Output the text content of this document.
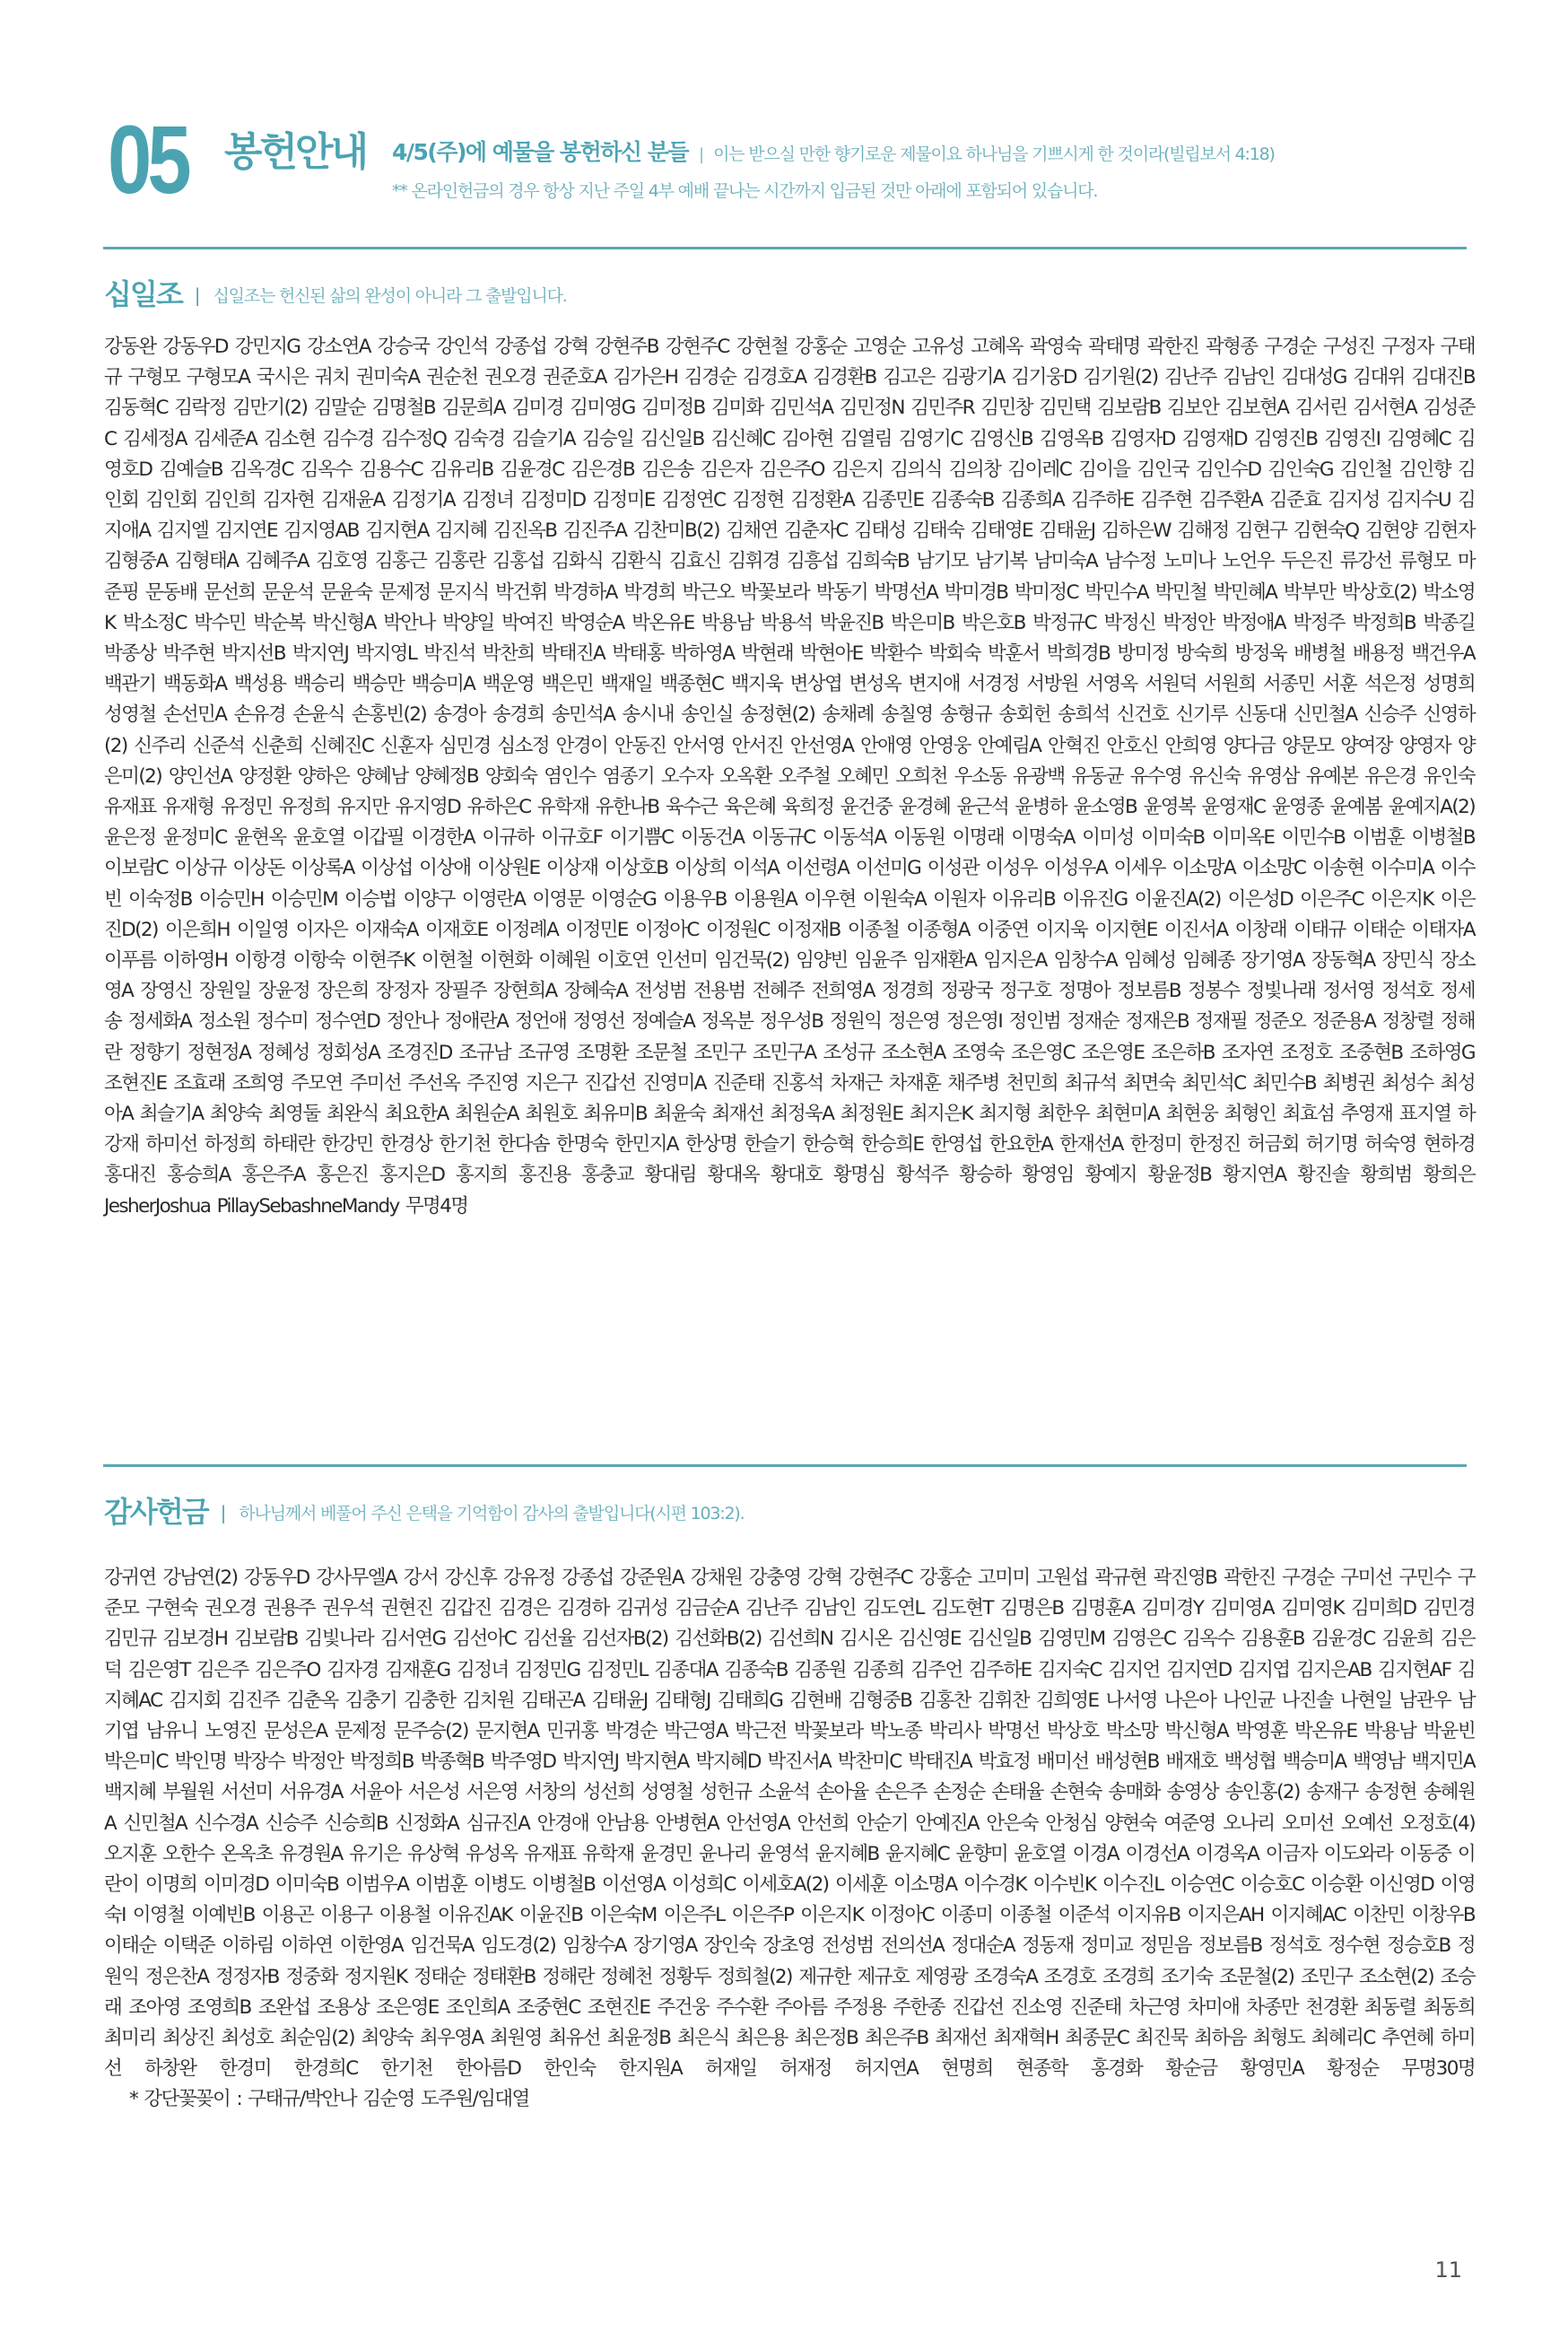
05 봉헌안내 4/5(주)에 예물을 봉헌하신 분들 | 이는 받으실 만한 향기로운 제물이요 하나님을 기쁘시게 한 것이라(빌립보서 4:18)
** 온라인헌금의 경우 항상 지난 주일 4부 예배 끝나는 시간까지 입금된 것만 아래에 포함되어 있습니다.
십일조 | 십일조는 헌신된 삶의 완성이 아니라 그 출발입니다.
강동완 강동우D 강민지G 강소연A 강승국 강인석 강종섭 강혁 강현주B 강현주C 강현철 강홍순 고영순 고유성 고혜옥 곽영숙 곽태명 곽한진 곽형종 구경순 구성진 구정자 구태규 구형모 구형모A 국시은 궈치 권미숙A 권순천 권오경 권준호A 김가은H 김경순 김경호A 김경환B 김고은 김광기A 김기웅D 김기원(2) 김난주 김남인 김대성G 김대위 김대진B 김동혁C 김락정 김만기(2) 김말순 김명철B 김문희A 김미경 김미영G 김미정B 김미화 김민석A 김민정N 김민주R 김민창 김민택 김보람B 김보안 김보현A 김서린 김서현A 김성준C 김세정A 김세준A 김소현 김수경 김수정Q 김숙경 김슬기A 김승일 김신일B 김신혜C 김아현 김열림 김영기C 김영신B 김영옥B 김영자D 김영재D 김영진B 김영진I 김영혜C 김영호D 김예슬B 김옥경C 김옥수 김용수C 김유리B 김윤경C 김은경B 김은송 김은자 김은주O 김은지 김의식 김의창 김이레C 김이을 김인국 김인수D 김인숙G 김인철 김인향 김인회 김인회 김인희 김자현 김재윤A 김정기A 김정녀 김정미D 김정미E 김정연C 김정현 김정환A 김종민E 김종숙B 김종희A 김주하E 김주현 김주환A 김준효 김지성 김지수U 김지애A 김지엘 김지연E 김지영AB 김지현A 김지혜 김진옥B 김진주A 김찬미B(2) 김채연 김춘자C 김태성 김태숙 김태영E 김태윤J 김하은W 김해정 김현구 김현숙Q 김현양 김현자 김형중A 김형태A 김혜주A 김호영 김홍근 김홍란 김홍섭 김화식 김환식 김효신 김휘경 김흥섭 김희숙B 남기모 남기복 남미숙A 남수정 노미나 노언우 두은진 류강선 류형모 마준핑 문동배 문선희 문운석 문윤숙 문제정 문지식 박건휘 박경하A 박경희 박근오 박꽃보라 박동기 박명선A 박미경B 박미정C 박민수A 박민철 박민혜A 박부만 박상호(2) 박소영K 박소정C 박수민 박순복 박신형A 박안나 박양일 박여진 박영순A 박온유E 박용남 박용석 박윤진B 박은미B 박은호B 박정규C 박정신 박정안 박정애A 박정주 박정희B 박종길 박종상 박주현 박지선B 박지연J 박지영L 박진석 박찬희 박태진A 박태홍 박하영A 박현래 박현아E 박환수 박회숙 박훈서 박희경B 방미정 방숙희 방정욱 배병철 배용정 백건우A 백관기 백동화A 백성용 백승리 백승만 백승미A 백운영 백은민 백재일 백종현C 백지욱 변상엽 변성옥 변지애 서경정 서방원 서영옥 서원덕 서원희 서종민 서훈 석은정 성명희 성영철 손선민A 손유경 손윤식 손홍빈(2) 송경아 송경희 송민석A 송시내 송인실 송정현(2) 송채례 송칠영 송형규 송회헌 송희석 신건호 신기루 신동대 신민철A 신승주 신영하(2) 신주리 신준석 신춘희 신혜진C 신훈자 심민경 심소정 안경이 안동진 안서영 안서진 안선영A 안애영 안영웅 안예림A 안혁진 안호신 안희영 양다금 양문모 양여장 양영자 양은미(2) 양인선A 양정환 양하은 양혜남 양혜정B 양회숙 염인수 염종기 오수자 오옥환 오주철 오혜민 오희천 우소동 유광백 유동균 유수영 유신숙 유영삼 유예본 유은경 유인숙 유재표 유재형 유정민 유정희 유지만 유지영D 유하은C 유학재 유한나B 육수근 육은혜 육희정 윤건중 윤경혜 윤근석 윤병하 윤소영B 윤영복 윤영재C 윤영종 윤예봄 윤예지A(2) 윤은정 윤정미C 윤현옥 윤호열 이갑필 이경한A 이규하 이규호F 이기쁨C 이동건A 이동규C 이동석A 이동원 이명래 이명숙A 이미성 이미숙B 이미옥E 이민수B 이범훈 이병철B 이보람C 이상규 이상돈 이상록A 이상섭 이상애 이상원E 이상재 이상호B 이상희 이석A 이선령A 이선미G 이성관 이성우 이성우A 이세우 이소망A 이소망C 이송현 이수미A 이수빈 이숙정B 이승민H 이승민M 이승법 이양구 이영란A 이영문 이영순G 이용우B 이용원A 이우현 이원숙A 이원자 이유리B 이유진G 이윤진A(2) 이은성D 이은주C 이은지K 이은진D(2) 이은희H 이일영 이자은 이재숙A 이재호E 이정례A 이정민E 이정아C 이정원C 이정재B 이종철 이종형A 이중연 이지욱 이지현E 이진서A 이창래 이태규 이태순 이태자A 이푸름 이하영H 이항경 이항숙 이현주K 이현철 이현화 이혜원 이호연 인선미 임건묵(2) 임양빈 임윤주 임재환A 임지은A 임창수A 임혜성 임혜종 장기영A 장동혁A 장민식 장소영A 장영신 장원일 장윤정 장은희 장정자 장필주 장현희A 장혜숙A 전성범 전용범 전혜주 전희영A 정경희 정광국 정구호 정명아 정보름B 정봉수 정빛나래 정서영 정석호 정세송 정세화A 정소원 정수미 정수연D 정안나 정애란A 정언애 정영선 정예슬A 정옥분 정우성B 정원익 정은영 정은영I 정인범 정재순 정재은B 정재필 정준오 정준용A 정창렬 정해란 정향기 정현정A 정혜성 정회성A 조경진D 조규남 조규영 조명환 조문철 조민구 조민구A 조성규 조소현A 조영숙 조은영C 조은영E 조은하B 조자연 조정호 조중현B 조하영G 조현진E 조효래 조희영 주모연 주미선 주선옥 주진영 지은구 진갑선 진영미A 진준태 진홍석 차재근 차재훈 채주병 천민희 최규석 최면숙 최민석C 최민수B 최병권 최성수 최성아A 최슬기A 최양숙 최영둘 최완식 최요한A 최원순A 최원호 최유미B 최윤숙 최재선 최정욱A 최정원E 최지은K 최지형 최한우 최현미A 최현웅 최형인 최효섬 추영재 표지열 하강재 하미선 하정희 하태란 한강민 한경상 한기천 한다솜 한명숙 한민지A 한상명 한슬기 한승혁 한승희E 한영섭 한요한A 한재선A 한정미 한정진 허금회 허기명 허숙영 현하경 홍대진 홍승희A 홍은주A 홍은진 홍지은D 홍지희 홍진용 홍충교 황대림 황대옥 황대호 황명심 황석주 황승하 황영임 황예지 황윤정B 황지연A 황진솔 황희범 황희은 JesherJoshua PillaySebashneMandy 무명4명
감사헌금 | 하나님께서 베풀어 주신 은택을 기억함이 감사의 출발입니다(시편 103:2).
강귀연 강남연(2) 강동우D 강사무엘A 강서 강신후 강유정 강종섭 강준원A 강채원 강충영 강혁 강현주C 강홍순 고미미 고원섭 곽규현 곽진영B 곽한진 구경순 구미선 구민수 구준모 구현숙 권오경 권용주 권우석 권현진 김갑진 김경은 김경하 김귀성 김금순A 김난주 김남인 김도연L 김도현T 김명은B 김명훈A 김미경Y 김미영A 김미영K 김미희D 김민경 김민규 김보경H 김보람B 김빛나라 김서연G 김선아C 김선율 김선자B(2) 김선화B(2) 김선희N 김시온 김신영E 김신일B 김영민M 김영은C 김옥수 김용훈B 김윤경C 김윤희 김은덕 김은영T 김은주 김은주O 김자경 김재훈G 김정녀 김정민G 김정민L 김종대A 김종숙B 김종원 김종희 김주언 김주하E 김지숙C 김지언 김지연D 김지엽 김지은AB 김지현AF 김지혜AC 김지회 김진주 김춘옥 김충기 김충한 김치원 김태곤A 김태윤J 김태형J 김태희G 김현배 김형중B 김홍찬 김휘찬 김희영E 나서영 나은아 나인균 나진솔 나현일 남관우 남기엽 남유니 노영진 문성은A 문제정 문주승(2) 문지현A 민귀홍 박경순 박근영A 박근전 박꽃보라 박노종 박리사 박명선 박상호 박소망 박신형A 박영훈 박온유E 박용남 박윤빈 박은미C 박인명 박장수 박정안 박정희B 박종혁B 박주영D 박지연J 박지현A 박지혜D 박진서A 박찬미C 박태진A 박효정 배미선 배성현B 배재호 백성협 백승미A 백영남 백지민A 백지혜 부월원 서선미 서유경A 서윤아 서은성 서은영 서창의 성선희 성영철 성헌규 소윤석 손아율 손은주 손정순 손태율 손현숙 송매화 송영상 송인홍(2) 송재구 송정현 송혜원A 신민철A 신수경A 신승주 신승희B 신정화A 심규진A 안경애 안남용 안병현A 안선영A 안선희 안순기 안예진A 안은숙 안청심 양현숙 여준영 오나리 오미선 오예선 오정호(4) 오지훈 오한수 온옥초 유경원A 유기은 유상혁 유성옥 유재표 유학재 윤경민 윤나리 윤영석 윤지혜B 윤지혜C 윤향미 윤호열 이경A 이경선A 이경옥A 이금자 이도와라 이동중 이란이 이명희 이미경D 이미숙B 이범우A 이범훈 이병도 이병철B 이선영A 이성희C 이세호A(2) 이세훈 이소명A 이수경K 이수빈K 이수진L 이승연C 이승호C 이승환 이신영D 이영숙I 이영철 이예빈B 이용곤 이용구 이용철 이유진AK 이윤진B 이은숙M 이은주L 이은주P 이은지K 이정아C 이종미 이종철 이준석 이지유B 이지은AH 이지혜AC 이찬민 이창우B 이태순 이택준 이하림 이하연 이한영A 임건묵A 임도경(2) 임창수A 장기영A 장인숙 장초영 전성범 전의선A 정대순A 정동재 정미교 정믿음 정보름B 정석호 정수현 정승호B 정원익 정은찬A 정정자B 정중화 정지원K 정태순 정태환B 정해란 정혜천 정황두 정희철(2) 제규한 제규호 제영광 조경숙A 조경호 조경희 조기숙 조문철(2) 조민구 조소현(2) 조승래 조아영 조영희B 조완섭 조용상 조은영E 조인희A 조중현C 조현진E 주건웅 주수환 주아름 주정용 주한종 진갑선 진소영 진준태 차근영 차미애 차종만 천경환 최동렬 최동희 최미리 최상진 최성호 최순임(2) 최양숙 최우영A 최원영 최유선 최윤정B 최은식 최은용 최은정B 최은주B 최재선 최재혁H 최종문C 최진묵 최하음 최형도 최혜리C 추연혜 하미선 하창완 한경미 한경희C 한기천 한아름D 한인숙 한지원A 허재일 허재정 허지연A 현명희 현종학 홍경화 황순금 황영민A 황정순 무명30명 * 강단꽃꽂이 : 구태규/박안나 김순영 도주원/임대열
11
